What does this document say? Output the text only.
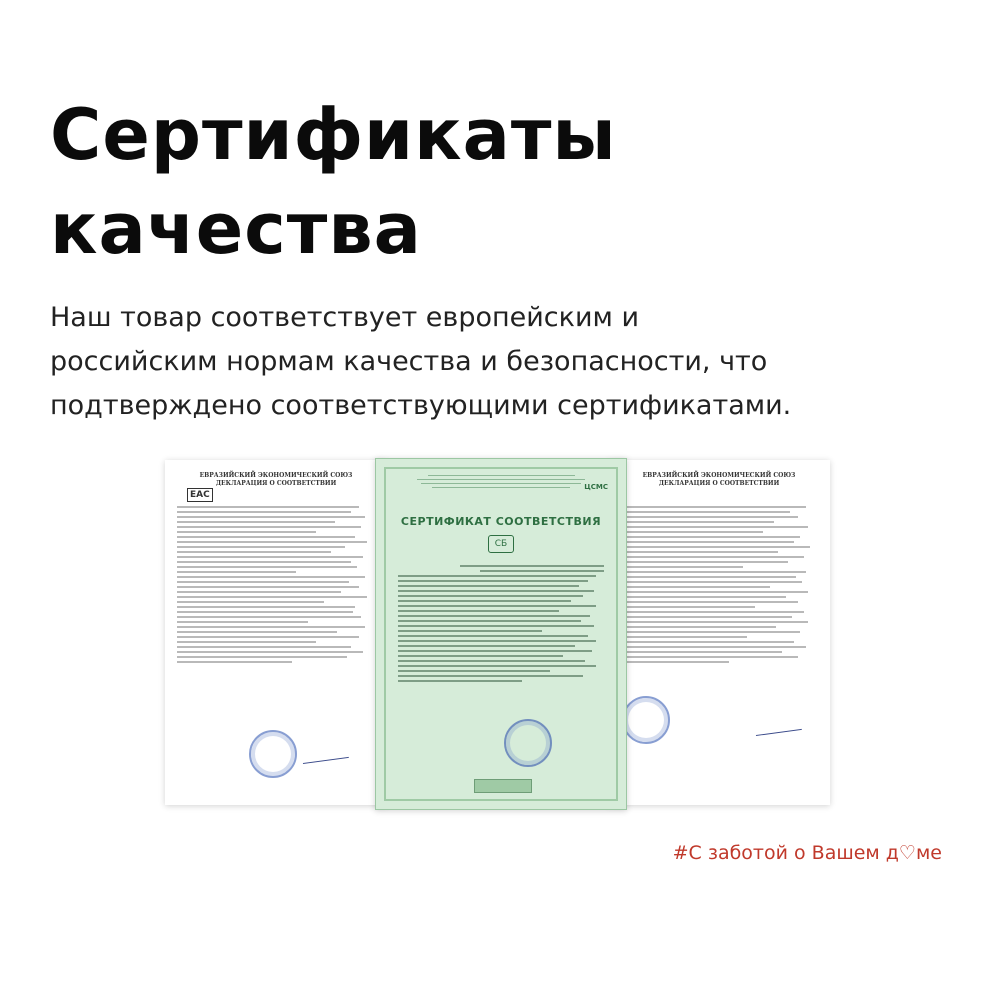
Сертификаты
качества
Наш товар соответствует европейским и
российским нормам качества и безопасности, что
подтверждено соответствующими сертификатами.
ЕВРАЗИЙСКИЙ ЭКОНОМИЧЕСКИЙ СОЮЗ ДЕКЛАРАЦИЯ О СООТВЕТСТВИИ
ЕАС
ЕВРАЗИЙСКИЙ ЭКОНОМИЧЕСКИЙ СОЮЗ ДЕКЛАРАЦИЯ О СООТВЕТСТВИИ
ЦСМС
СЕРТИФИКАТ СООТВЕТСТВИЯ
СБ
#С заботой о Вашем д♡ме
